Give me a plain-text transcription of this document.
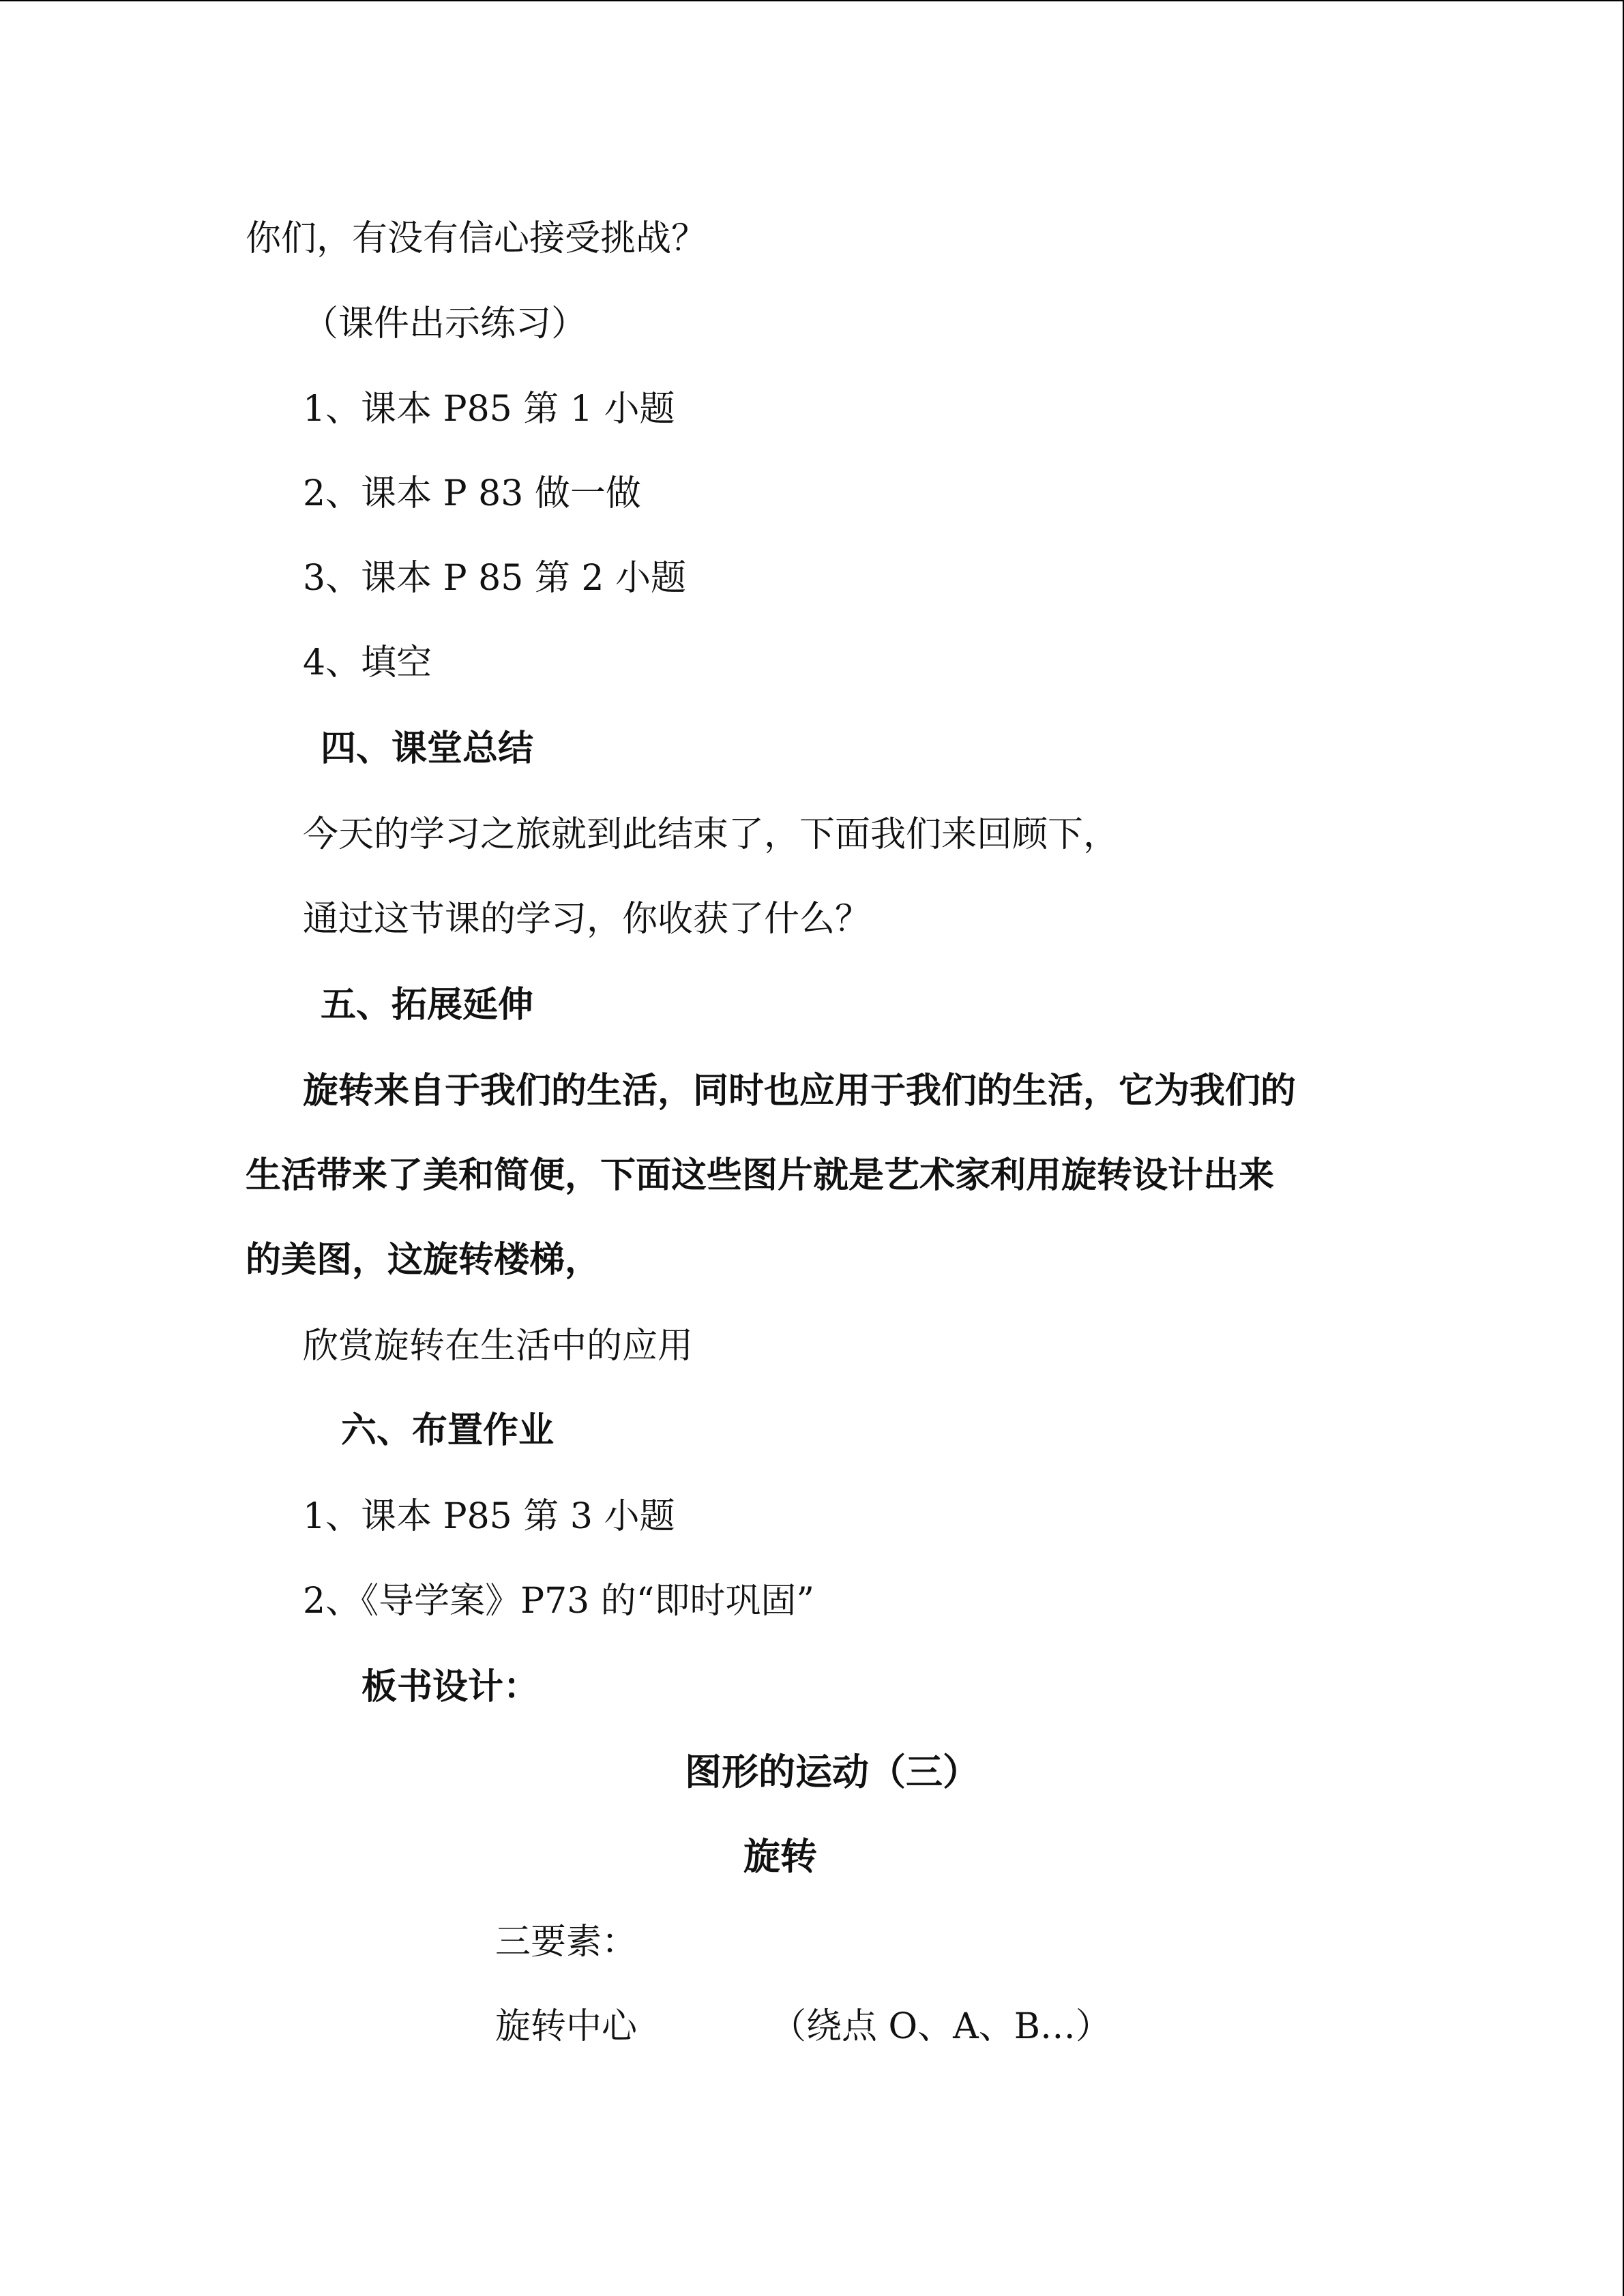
你们，有没有信心接受挑战？
（课件出示练习）
1、课本 P85 第 1 小题
2、课本 P 83 做一做
3、课本 P 85 第 2 小题
4、填空
四、课堂总结
今天的学习之旅就到此结束了，下面我们来回顾下，
通过这节课的学习，你收获了什么？
五、拓展延伸
旋转来自于我们的生活，同时也应用于我们的生活，它为我们的
生活带来了美和简便，下面这些图片就是艺术家利用旋转设计出来
的美图，这旋转楼梯，
欣赏旋转在生活中的应用
六、布置作业
1、课本 P85 第 3 小题
2、《导学案》P73 的“即时巩固”
板书设计：
图形的运动（三）
旋转
三要素：
旋转中心	（绕点 O、A、B…）
